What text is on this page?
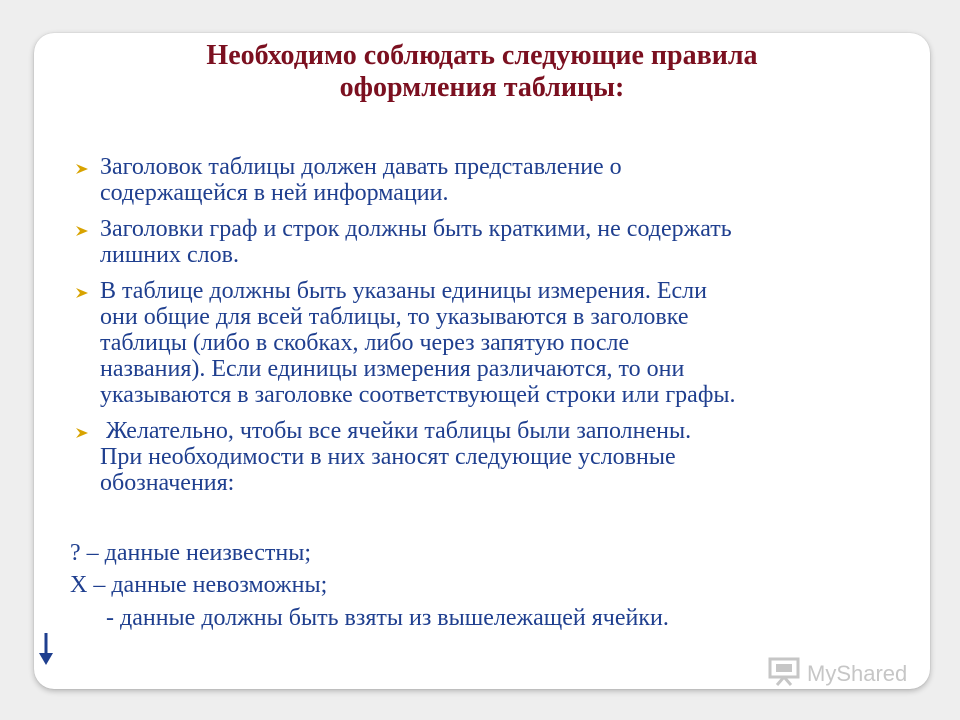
Необходимо соблюдать следующие правила
оформления таблицы:
Заголовок таблицы должен давать представление о
содержащейся в ней информации.
Заголовки граф и строк должны быть краткими, не содержать
лишних слов.
В таблице должны быть указаны единицы измерения. Если
они общие для всей таблицы, то указываются в заголовке
таблицы (либо в скобках, либо через запятую после
названия). Если единицы измерения различаются, то они
указываются в заголовке соответствующей строки или графы.
Желательно, чтобы все ячейки таблицы были заполнены.
При необходимости в них заносят следующие условные
обозначения:
? – данные неизвестны;
Х – данные невозможны;
- данные должны быть взяты из вышележащей ячейки.
MyShared
